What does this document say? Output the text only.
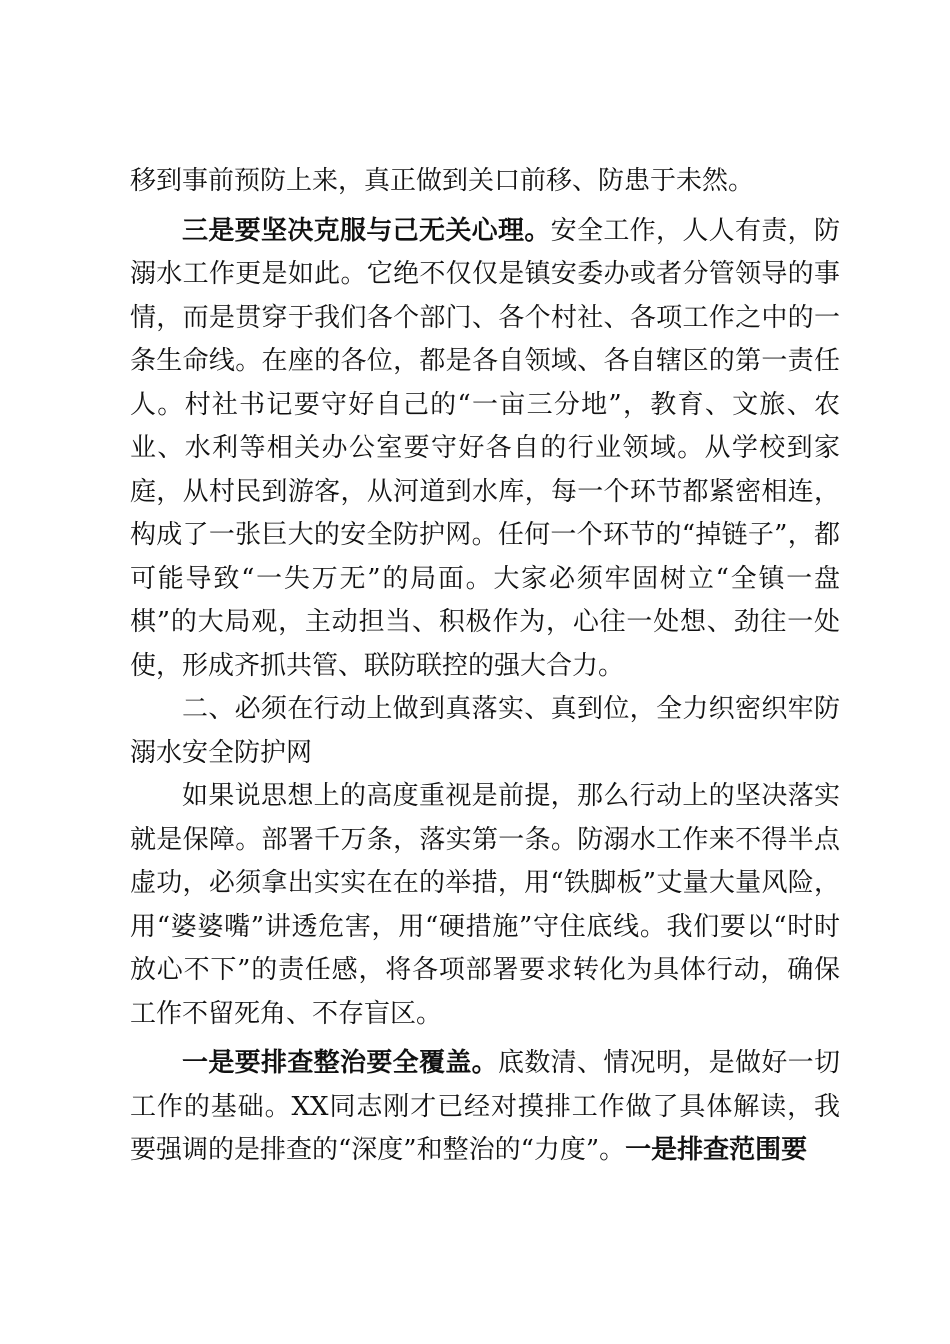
移到事前预防上来，真正做到关口前移、防患于未然。

三是要坚决克服与己无关心理。安全工作，人人有责，防溺水工作更是如此。它绝不仅仅是镇安委办或者分管领导的事情，而是贯穿于我们各个部门、各个村社、各项工作之中的一条生命线。在座的各位，都是各自领域、各自辖区的第一责任人。村社书记要守好自己的“一亩三分地”，教育、文旅、农业、水利等相关办公室要守好各自的行业领域。从学校到家庭，从村民到游客，从河道到水库，每一个环节都紧密相连，构成了一张巨大的安全防护网。任何一个环节的“掉链子”，都可能导致“一失万无”的局面。大家必须牢固树立“全镇一盘棋”的大局观，主动担当、积极作为，心往一处想、劲往一处使，形成齐抓共管、联防联控的强大合力。

二、必须在行动上做到真落实、真到位，全力织密织牢防溺水安全防护网

如果说思想上的高度重视是前提，那么行动上的坚决落实就是保障。部署千万条，落实第一条。防溺水工作来不得半点虚功，必须拿出实实在在的举措，用“铁脚板”丈量大量风险，用“婆婆嘴”讲透危害，用“硬措施”守住底线。我们要以“时时放心不下”的责任感，将各项部署要求转化为具体行动，确保工作不留死角、不存盲区。

一是要排查整治要全覆盖。底数清、情况明，是做好一切工作的基础。XX同志刚才已经对摸排工作做了具体解读，我要强调的是排查的“深度”和整治的“力度”。一是排查范围要
